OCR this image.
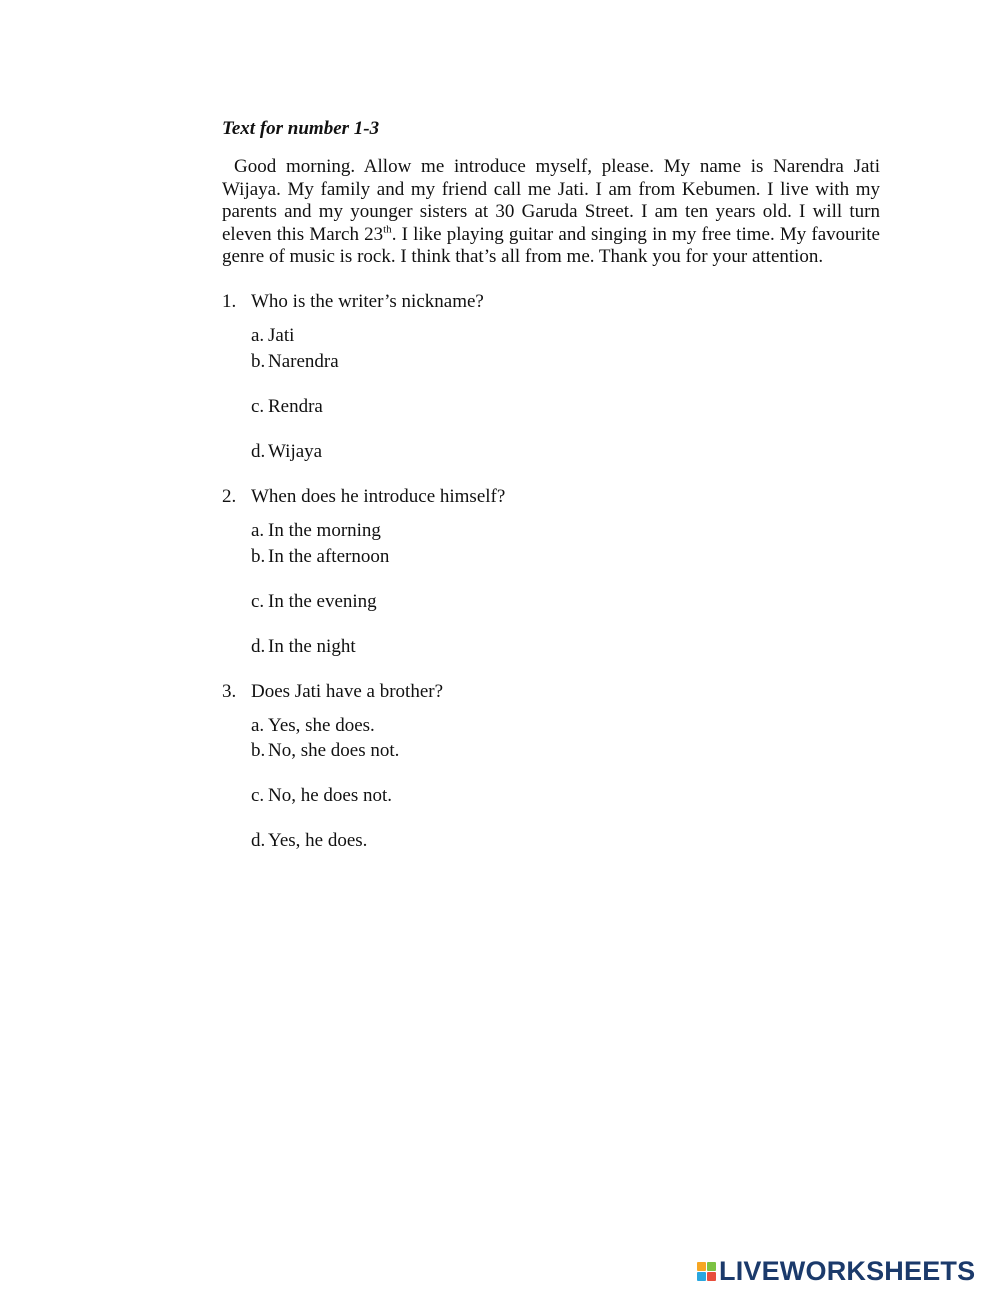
Text for number 1-3

Good morning. Allow me introduce myself, please. My name is Narendra Jati Wijaya. My family and my friend call me Jati. I am from Kebumen. I live with my parents and my younger sisters at 30 Garuda Street. I am ten years old. I will turn eleven this March 23th. I like playing guitar and singing in my free time. My favourite genre of music is rock. I think that’s all from me. Thank you for your attention.

1. Who is the writer’s nickname?
a. Jati
b. Narendra
c. Rendra
d. Wijaya
2. When does he introduce himself?
a. In the morning
b. In the afternoon
c. In the evening
d. In the night
3. Does Jati have a brother?
a. Yes, she does.
b. No, she does not.
c. No, he does not.
d. Yes, he does.
LIVEWORKSHEETS
